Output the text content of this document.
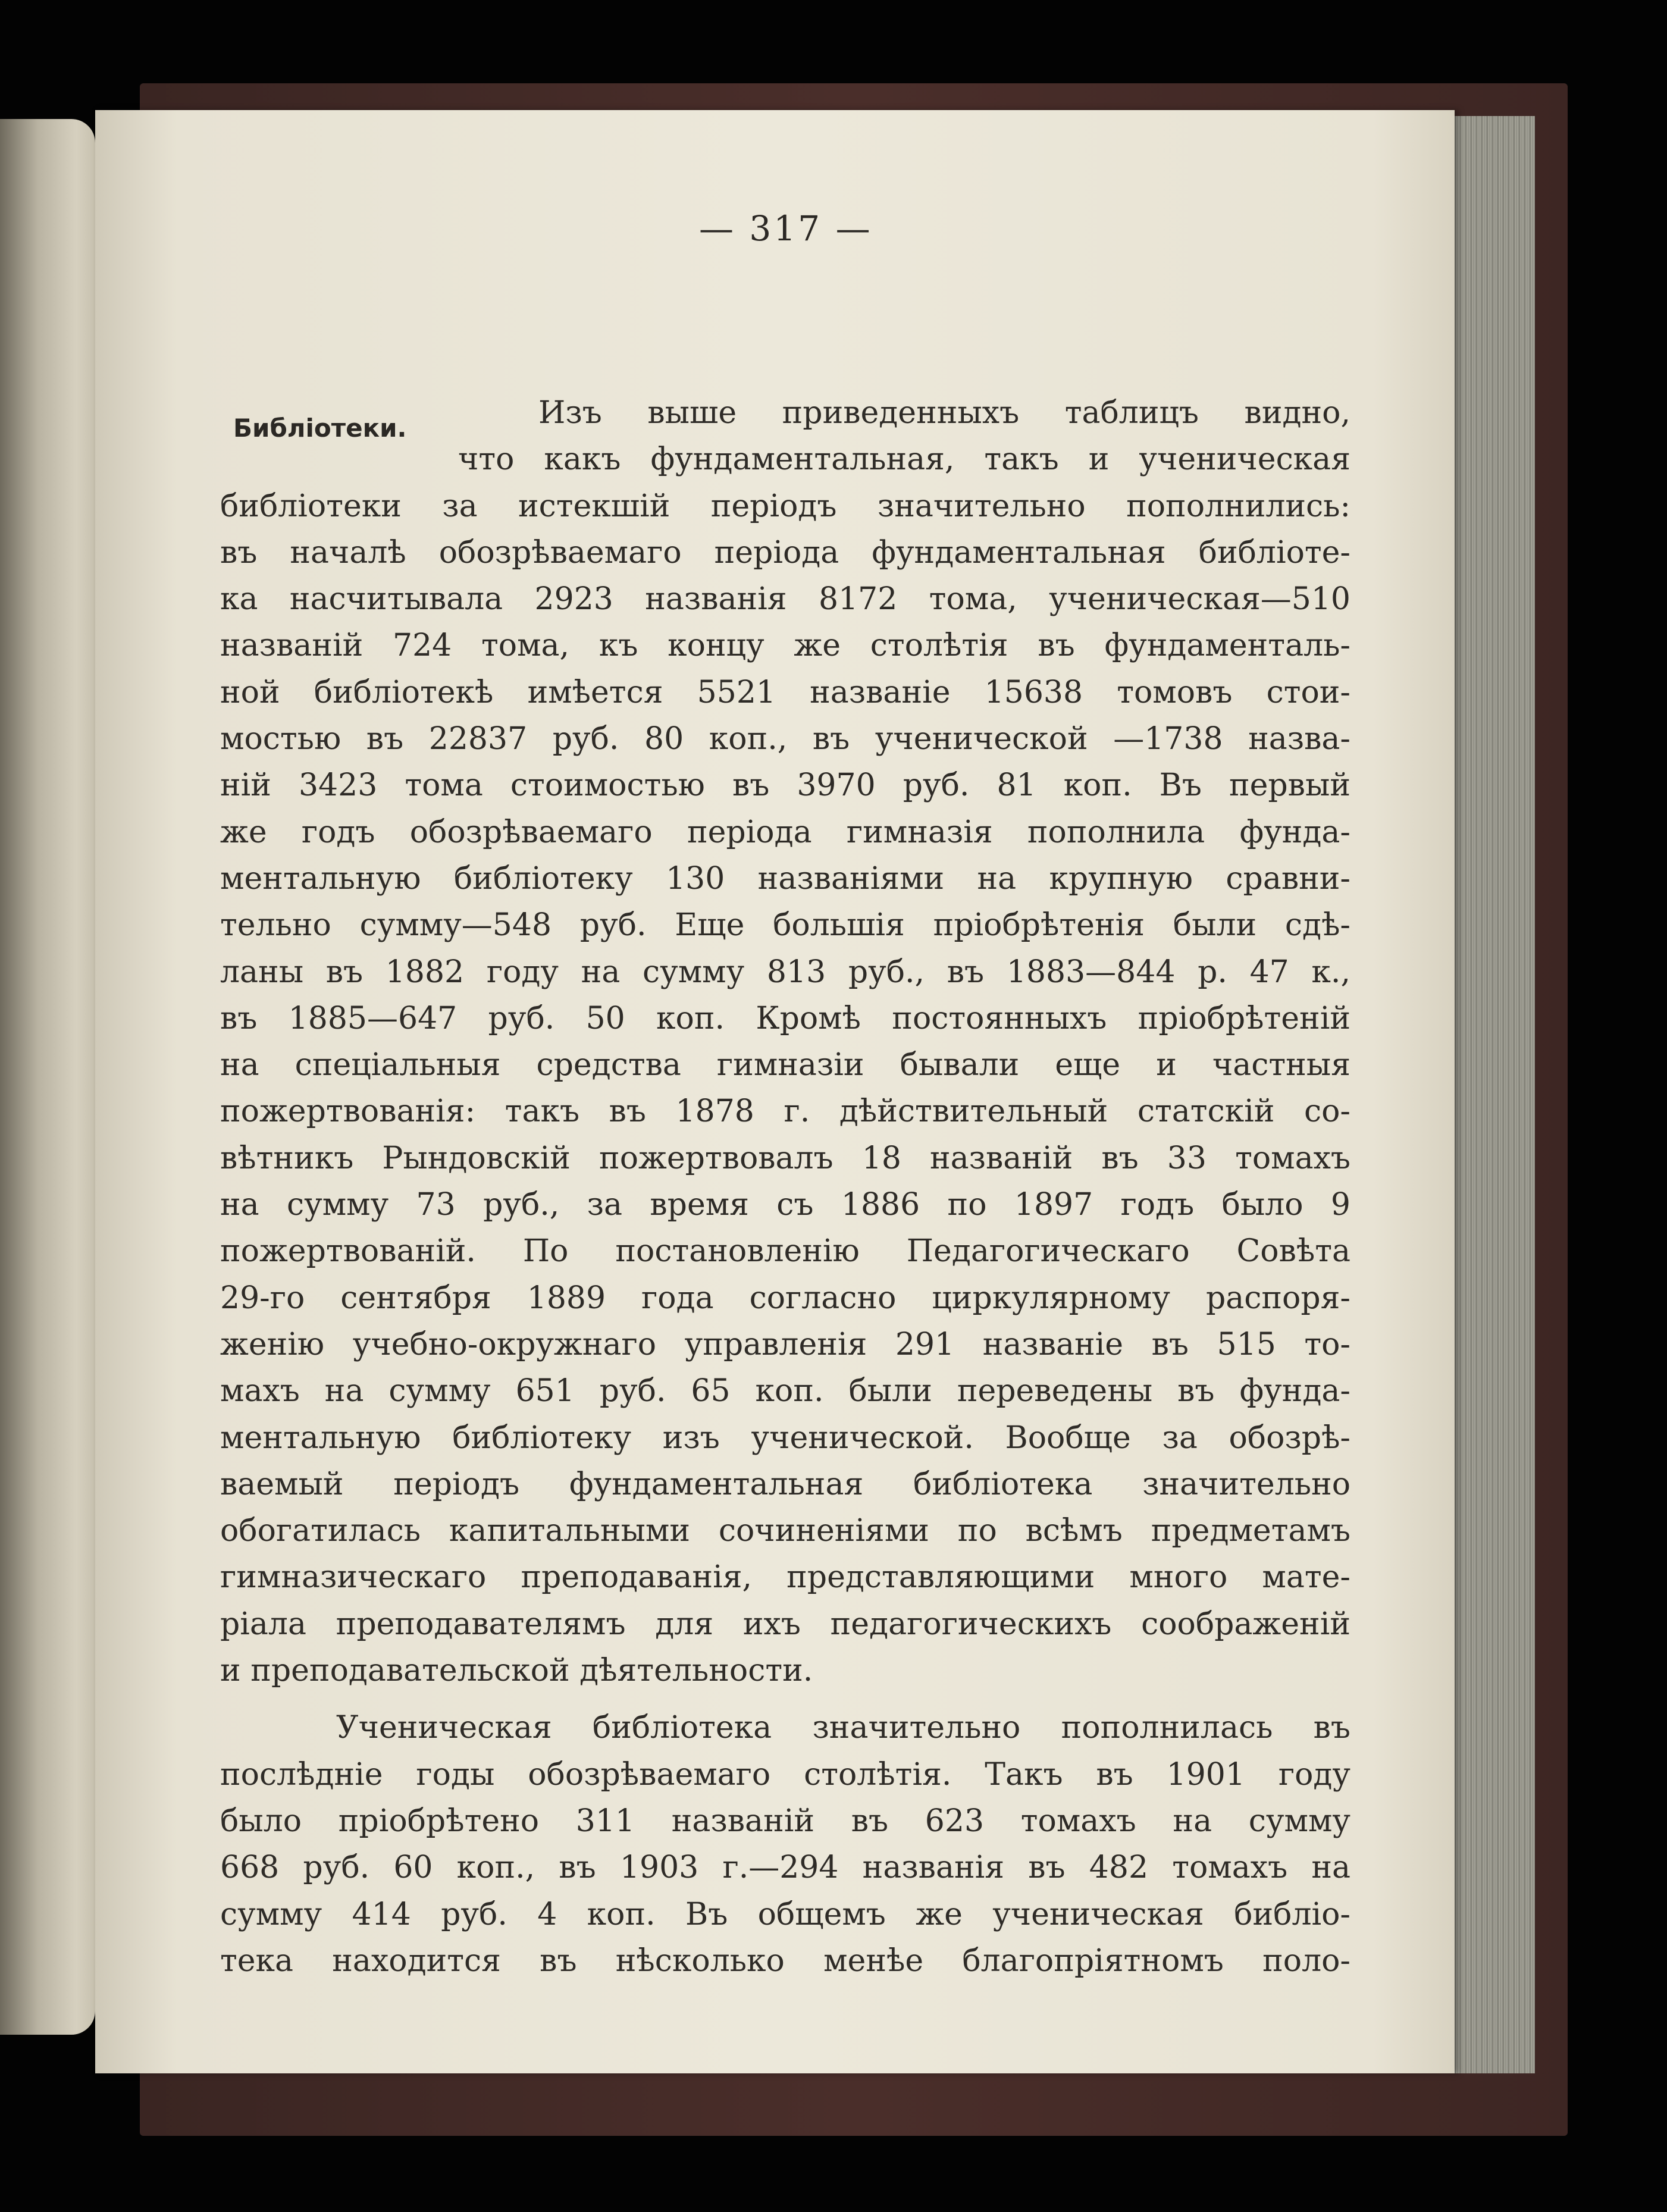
— 317 —
Библіотеки.	Изъ выше приведенныхъ таблицъ видно,
что какъ фундаментальная, такъ и ученическая
библіотеки за истекшій періодъ значительно пополнились:
въ началѣ обозрѣваемаго періода фундаментальная библіоте-
ка насчитывала 2923 названія 8172 тома, ученическая—510
названій 724 тома, къ концу же столѣтія въ фундаменталь-
ной библіотекѣ имѣется 5521 названіе 15638 томовъ стои-
мостью въ 22837 руб. 80 коп., въ ученической —1738 назва-
ній 3423 тома стоимостью въ 3970 руб. 81 коп. Въ первый
же годъ обозрѣваемаго періода гимназія пополнила фунда-
ментальную библіотеку 130 названіями на крупную сравни-
тельно сумму—548 руб. Еще большія пріобрѣтенія были сдѣ-
ланы въ 1882 году на сумму 813 руб., въ 1883—844 р. 47 к.,
въ 1885—647 руб. 50 коп. Кромѣ постоянныхъ пріобрѣтеній
на спеціальныя средства гимназіи бывали еще и частныя
пожертвованія: такъ въ 1878 г. дѣйствительный статскій со-
вѣтникъ Рындовскій пожертвовалъ 18 названій въ 33 томахъ
на сумму 73 руб., за время съ 1886 по 1897 годъ было 9
пожертвованій. По постановленію Педагогическаго Совѣта
29-го сентября 1889 года согласно циркулярному распоря-
женію учебно-окружнаго управленія 291 названіе въ 515 то-
махъ на сумму 651 руб. 65 коп. были переведены въ фунда-
ментальную библіотеку изъ ученической. Вообще за обозрѣ-
ваемый періодъ фундаментальная библіотека значительно
обогатилась капитальными сочиненіями по всѣмъ предметамъ
гимназическаго преподаванія, представляющими много мате-
ріала преподавателямъ для ихъ педагогическихъ соображеній
и преподавательской дѣятельности.
Ученическая библіотека значительно пополнилась въ
послѣдніе годы обозрѣваемаго столѣтія. Такъ въ 1901 году
было пріобрѣтено 311 названій въ 623 томахъ на сумму
668 руб. 60 коп., въ 1903 г.—294 названія въ 482 томахъ на
сумму 414 руб. 4 коп. Въ общемъ же ученическая библіо-
тека находится въ нѣсколько менѣе благопріятномъ поло-
